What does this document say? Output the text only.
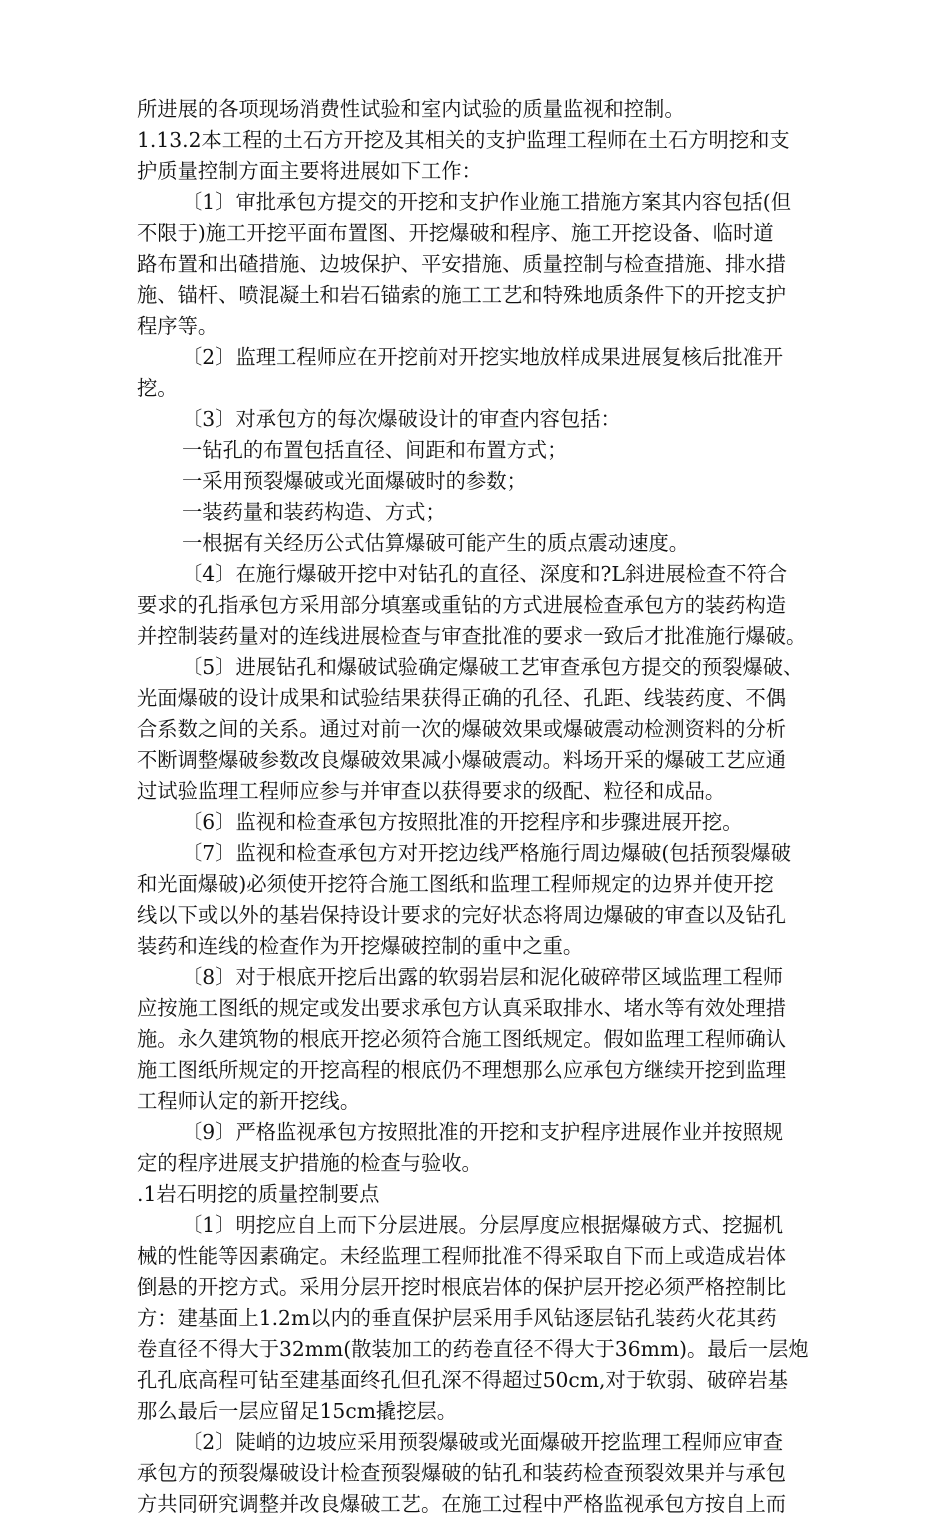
所进展的各项现场消费性试验和室内试验的质量监视和控制。
1.13.2本工程的土石方开挖及其相关的支护监理工程师在土石方明挖和支
护质量控制方面主要将进展如下工作：
〔1〕审批承包方提交的开挖和支护作业施工措施方案其内容包括(但
不限于)施工开挖平面布置图、开挖爆破和程序、施工开挖设备、临时道
路布置和出碴措施、边坡保护、平安措施、质量控制与检查措施、排水措
施、锚杆、喷混凝土和岩石锚索的施工工艺和特殊地质条件下的开挖支护
程序等。
〔2〕监理工程师应在开挖前对开挖实地放样成果进展复核后批准开
挖。
〔3〕对承包方的每次爆破设计的审查内容包括：
一钻孔的布置包括直径、间距和布置方式；
一采用预裂爆破或光面爆破时的参数；
一装药量和装药构造、方式；
一根据有关经历公式估算爆破可能产生的质点震动速度。
〔4〕在施行爆破开挖中对钻孔的直径、深度和?L斜进展检查不符合
要求的孔指承包方采用部分填塞或重钻的方式进展检查承包方的装药构造
并控制装药量对的连线进展检查与审查批准的要求一致后才批准施行爆破。
〔5〕进展钻孔和爆破试验确定爆破工艺审查承包方提交的预裂爆破、
光面爆破的设计成果和试验结果获得正确的孔径、孔距、线装药度、不偶
合系数之间的关系。通过对前一次的爆破效果或爆破震动检测资料的分析
不断调整爆破参数改良爆破效果减小爆破震动。料场开采的爆破工艺应通
过试验监理工程师应参与并审查以获得要求的级配、粒径和成品。
〔6〕监视和检查承包方按照批准的开挖程序和步骤进展开挖。
〔7〕监视和检查承包方对开挖边线严格施行周边爆破(包括预裂爆破
和光面爆破)必须使开挖符合施工图纸和监理工程师规定的边界并使开挖
线以下或以外的基岩保持设计要求的完好状态将周边爆破的审查以及钻孔
装药和连线的检查作为开挖爆破控制的重中之重。
〔8〕对于根底开挖后出露的软弱岩层和泥化破碎带区域监理工程师
应按施工图纸的规定或发出要求承包方认真采取排水、堵水等有效处理措
施。永久建筑物的根底开挖必须符合施工图纸规定。假如监理工程师确认
施工图纸所规定的开挖高程的根底仍不理想那么应承包方继续开挖到监理
工程师认定的新开挖线。
〔9〕严格监视承包方按照批准的开挖和支护程序进展作业并按照规
定的程序进展支护措施的检查与验收。
.1岩石明挖的质量控制要点
〔1〕明挖应自上而下分层进展。分层厚度应根据爆破方式、挖掘机
械的性能等因素确定。未经监理工程师批准不得采取自下而上或造成岩体
倒悬的开挖方式。采用分层开挖时根底岩体的保护层开挖必须严格控制比
方：建基面上1.2m以内的垂直保护层采用手风钻逐层钻孔装药火花其药
卷直径不得大于32mm(散装加工的药卷直径不得大于36mm)。最后一层炮
孔孔底高程可钻至建基面终孔但孔深不得超过50cm,对于软弱、破碎岩基
那么最后一层应留足15cm撬挖层。
〔2〕陡峭的边坡应采用预裂爆破或光面爆破开挖监理工程师应审查
承包方的预裂爆破设计检查预裂爆破的钻孔和装药检查预裂效果并与承包
方共同研究调整并改良爆破工艺。在施工过程中严格监视承包方按自上而
